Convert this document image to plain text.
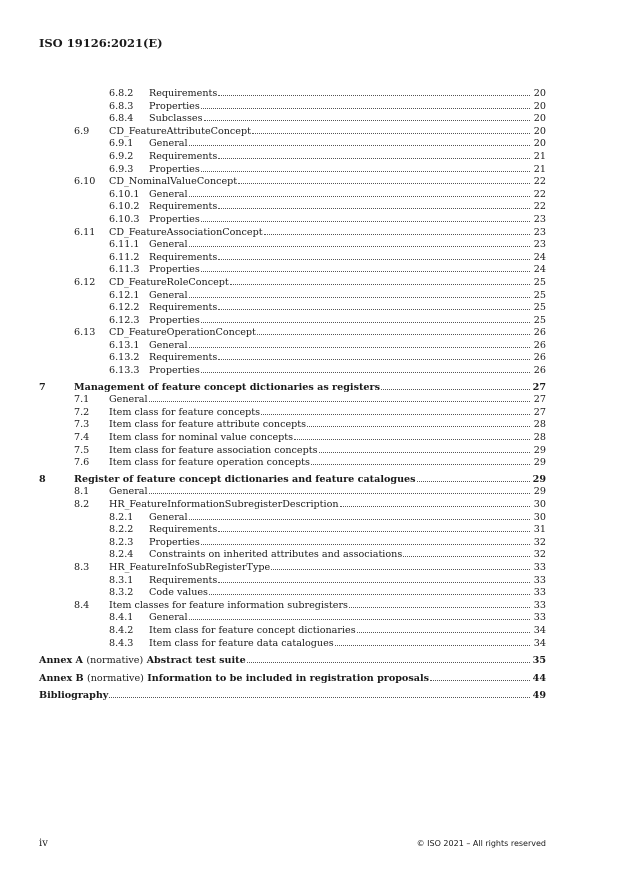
ISO 19126:2021(E)
6.8.2 Requirements	20
6.8.3 Properties	20
6.8.4 Subclasses	20
6.9 CD_FeatureAttributeConcept	20
6.9.1 General	20
6.9.2 Requirements	21
6.9.3 Properties	21
6.10 CD_NominalValueConcept	22
6.10.1 General	22
6.10.2 Requirements	22
6.10.3 Properties	23
6.11 CD_FeatureAssociationConcept	23
6.11.1 General	23
6.11.2 Requirements	24
6.11.3 Properties	24
6.12 CD_FeatureRoleConcept	25
6.12.1 General	25
6.12.2 Requirements	25
6.12.3 Properties	25
6.13 CD_FeatureOperationConcept	26
6.13.1 General	26
6.13.2 Requirements	26
6.13.3 Properties	26
7	Management of feature concept dictionaries as registers	27
7.1 General	27
7.2 Item class for feature concepts	27
7.3 Item class for feature attribute concepts	28
7.4 Item class for nominal value concepts	28
7.5 Item class for feature association concepts	29
7.6 Item class for feature operation concepts	29
8	Register of feature concept dictionaries and feature catalogues	29
8.1 General	29
8.2 HR_FeatureInformationSubregisterDescription	30
8.2.1 General	30
8.2.2 Requirements	31
8.2.3 Properties	32
8.2.4 Constraints on inherited attributes and associations	32
8.3 HR_FeatureInfoSubRegisterType	33
8.3.1 Requirements	33
8.3.2 Code values	33
8.4 Item classes for feature information subregisters	33
8.4.1 General	33
8.4.2 Item class for feature concept dictionaries	34
8.4.3 Item class for feature data catalogues	34
Annex A (normative) Abstract test suite	35
Annex B (normative) Information to be included in registration proposals	44
Bibliography	49
iv	© ISO 2021 – All rights reserved
